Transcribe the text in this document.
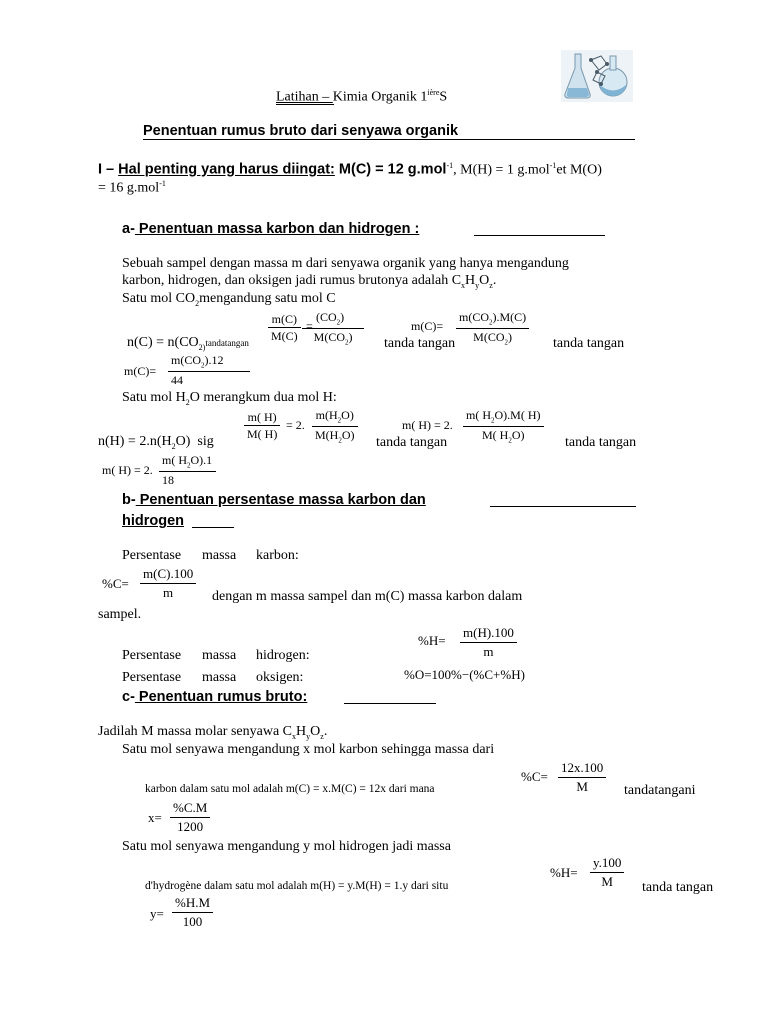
Latihan – Kimia Organik $1^{ière}S$
Penentuan rumus bruto dari senyawa organik
I – Hal penting yang harus diingat: M(C) = 12 g.mol$^{-1}$, M(H) = 1 g.mol$^{-1}$et M(O)
= 16 g.mol$^{-1}$
a- Penentuan massa karbon dan hidrogen :
Sebuah sampel dengan massa m dari senyawa organik yang hanya mengandung
karbon, hidrogen, dan oksigen jadi rumus brutonya adalah $C_xH_yO_z$.
Satu mol $CO_2mengandung$ satu mol C
$n(C) = n(CO_{2)}tandatangan \frac{m(C)}{M(C)}$ =
$\frac{(CO_2)}{M(CO_2)}$	$m(C)= \frac{m(CO_2).M(C)}{M(CO_2)}$
tanda tangan	tanda tangan
$m(C)= \frac{m(CO_2).12}{44}$
Satu mol $H_2O$ merangkum dua mol H:
$n(H) = 2.n(H_2O)$ sig	$\frac{m( H)}{M( H)} = 2$. $\frac{m(H_2O)}{M(H_2O)}$ tanda tangan
m( H) = 2. $\frac{m( H_2O).M( H)}{M( H_2O)}$ tanda tangan
m( H) = 2. $\frac{m( H_2O).1}{18}$
b- Penentuan persentase massa karbon dan
hidrogen
Persentase massa karbon:
$\%C= \frac{m(C).100}{m}$ dengan m massa sampel dan m(C) massa karbon dalam
sampel.
$\%H= \frac{m(H).100}{m}$
Persentase massa hidrogen:
Persentase massa oksigen:	%O=100%−(%C+%H)
c- Penentuan rumus bruto:
Jadilah M massa molar senyawa $C_xH_yO_z$.
Satu mol senyawa mengandung x mol karbon sehingga massa dari
karbon dalam satu mol adalah m(C) = x.M(C) = 12x dari mana
$\%C= \frac{12x.100}{M}$ tandatangani
$x= \frac{\%C.M}{1200}$
Satu mol senyawa mengandung y mol hidrogen jadi massa
d'hydrogène dalam satu mol adalah m(H) = y.M(H) = 1.y dari situ
$\%H= \frac{y.100}{M}$ tanda tangan
$y= \frac{\%H.M}{100}$
